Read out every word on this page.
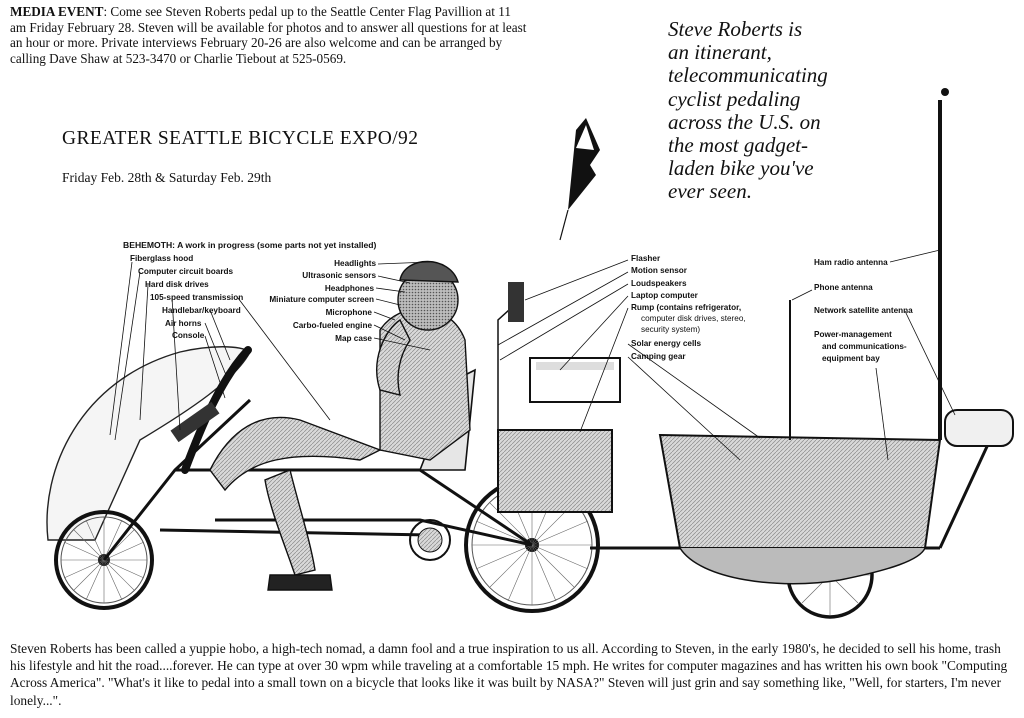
MEDIA EVENT: Come see Steven Roberts pedal up to the Seattle Center Flag Pavillion at 11 am Friday February 28. Steven will be available for photos and to answer all questions for at least an hour or more. Private interviews February 20-26 are also welcome and can be arranged by calling Dave Shaw at 523-3470 or Charlie Tiebout at 525-0569.
GREATER SEATTLE BICYCLE EXPO/92
Friday Feb. 28th & Saturday Feb. 29th
Steve Roberts is
an itinerant,
telecommunicating
cyclist pedaling
across the U.S. on
the most gadget-
laden bike you've
ever seen.
BEHEMOTH: A work in progress (some parts not yet installed)
Fiberglass hood
Computer circuit boards
Hard disk drives
105-speed transmission
Handlebar/keyboard
Air horns
Console
Headlights
Ultrasonic sensors
Headphones
Miniature computer screen
Microphone
Carbo-fueled engine
Map case
Flasher
Motion sensor
Loudspeakers
Laptop computer
Rump (contains refrigerator,
computer disk drives, stereo,
security system)
Solar energy cells
Camping gear
Ham radio antenna
Phone antenna
Network satellite antenna
Power-management
and communications-
equipment bay
Steven Roberts has been called a yuppie hobo, a high-tech nomad, a damn fool and a true inspiration to us all. According to Steven, in the early 1980's, he decided to sell his home, trash his lifestyle and hit the road....forever. He can type at over 30 wpm while traveling at a comfortable 15 mph. He writes for computer magazines and has written his own book "Computing Across America". "What's it like to pedal into a small town on a bicycle that looks like it was built by NASA?" Steven will just grin and say something like, "Well, for starters, I'm never lonely...".
